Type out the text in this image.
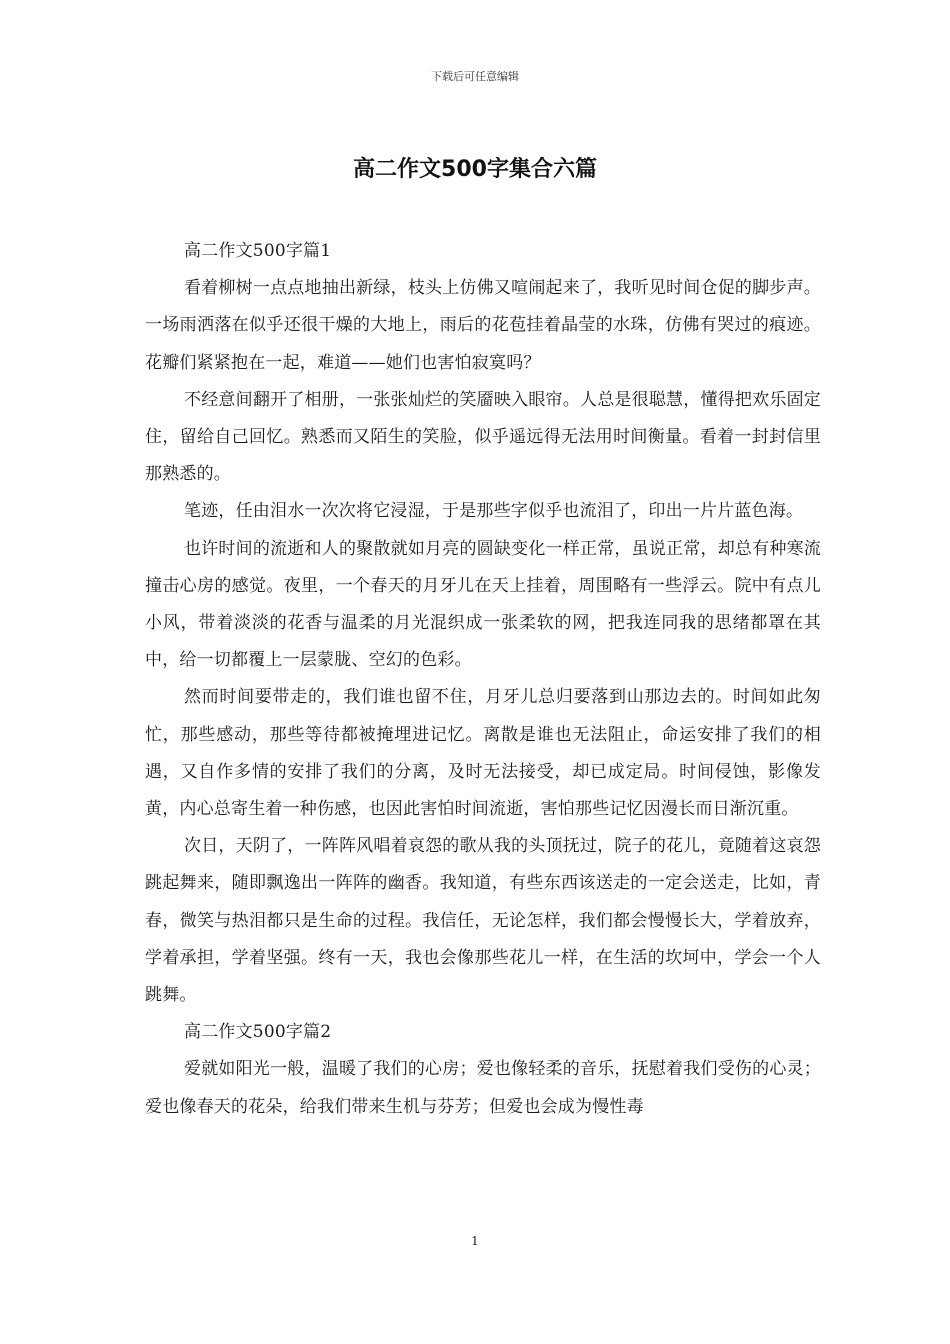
下载后可任意编辑
高二作文500字集合六篇

高二作文500字篇1

看着柳树一点点地抽出新绿，枝头上仿佛又喧闹起来了，我听见时间仓促的脚步声。一场雨洒落在似乎还很干燥的大地上，雨后的花苞挂着晶莹的水珠，仿佛有哭过的痕迹。花瓣们紧紧抱在一起，难道——她们也害怕寂寞吗？

不经意间翻开了相册，一张张灿烂的笑靥映入眼帘。人总是很聪慧，懂得把欢乐固定住，留给自己回忆。熟悉而又陌生的笑脸，似乎遥远得无法用时间衡量。看着一封封信里那熟悉的。

笔迹，任由泪水一次次将它浸湿，于是那些字似乎也流泪了，印出一片片蓝色海。

也许时间的流逝和人的聚散就如月亮的圆缺变化一样正常，虽说正常，却总有种寒流撞击心房的感觉。夜里，一个春天的月牙儿在天上挂着，周围略有一些浮云。院中有点儿小风，带着淡淡的花香与温柔的月光混织成一张柔软的网，把我连同我的思绪都罩在其中，给一切都覆上一层蒙胧、空幻的色彩。

然而时间要带走的，我们谁也留不住，月牙儿总归要落到山那边去的。时间如此匆忙，那些感动，那些等待都被掩埋进记忆。离散是谁也无法阻止，命运安排了我们的相遇，又自作多情的安排了我们的分离，及时无法接受，却已成定局。时间侵蚀，影像发黄，内心总寄生着一种伤感，也因此害怕时间流逝，害怕那些记忆因漫长而日渐沉重。

次日，天阴了，一阵阵风唱着哀怨的歌从我的头顶抚过，院子的花儿，竟随着这哀怨跳起舞来，随即飘逸出一阵阵的幽香。我知道，有些东西该送走的一定会送走，比如，青春，微笑与热泪都只是生命的过程。我信任，无论怎样，我们都会慢慢长大，学着放弃，学着承担，学着坚强。终有一天，我也会像那些花儿一样，在生活的坎坷中，学会一个人跳舞。

高二作文500字篇2

爱就如阳光一般，温暖了我们的心房；爱也像轻柔的音乐，抚慰着我们受伤的心灵；爱也像春天的花朵，给我们带来生机与芬芳；但爱也会成为慢性毒

1
